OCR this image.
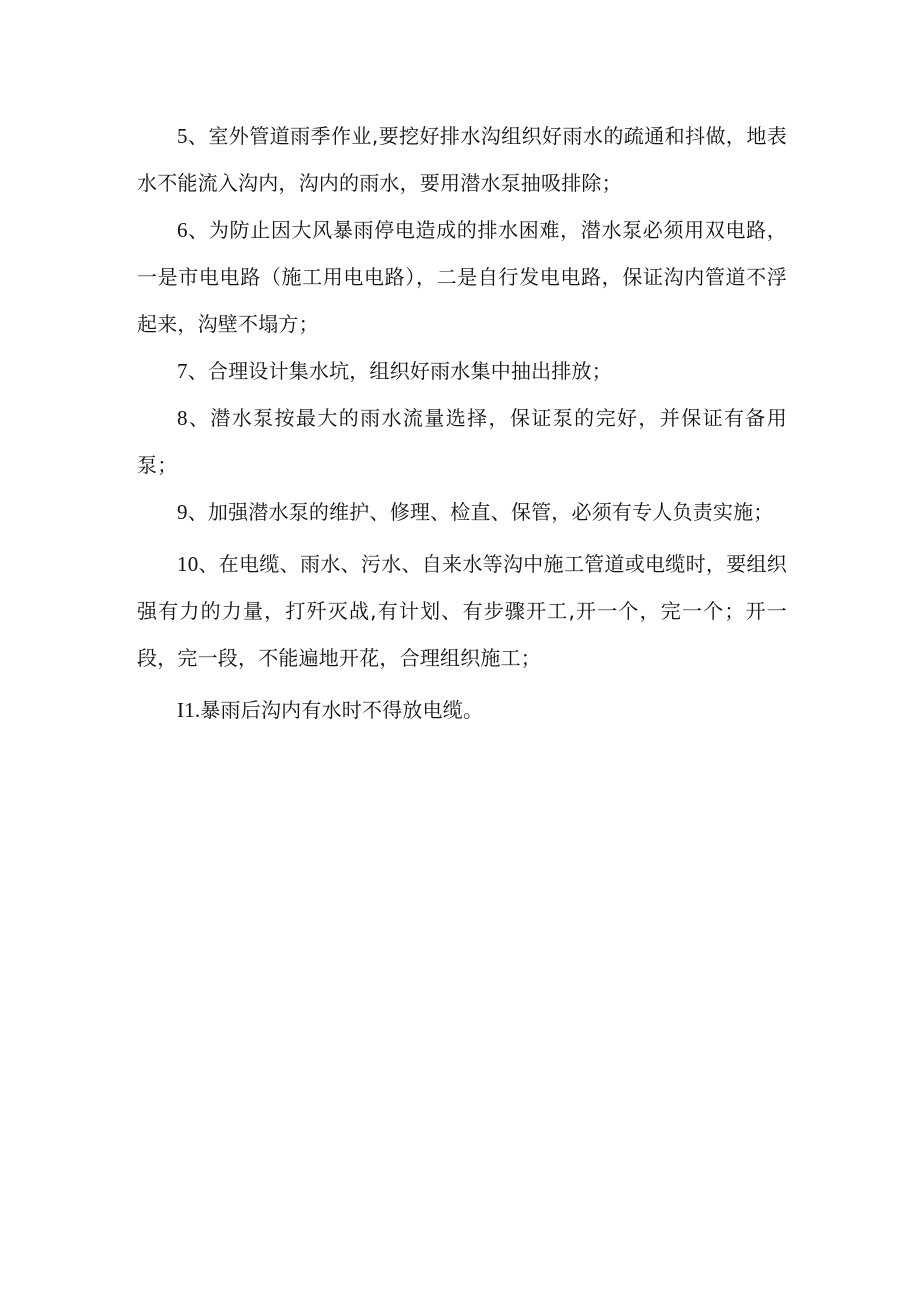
5、室外管道雨季作业,要挖好排水沟组织好雨水的疏通和抖做，地表水不能流入沟内，沟内的雨水，要用潜水泵抽吸排除；

6、为防止因大风暴雨停电造成的排水困难，潜水泵必须用双电路，一是市电电路（施工用电电路），二是自行发电电路，保证沟内管道不浮起来，沟壁不塌方；

7、合理设计集水坑，组织好雨水集中抽出排放；

8、潜水泵按最大的雨水流量选择，保证泵的完好，并保证有备用泵；

9、加强潜水泵的维护、修理、检直、保管，必须有专人负责实施；

10、在电缆、雨水、污水、自来水等沟中施工管道或电缆时，要组织强有力的力量，打歼灭战,有计划、有步骤开工,开一个，完一个；开一段，完一段，不能遍地开花，合理组织施工；

I1.暴雨后沟内有水时不得放电缆。
